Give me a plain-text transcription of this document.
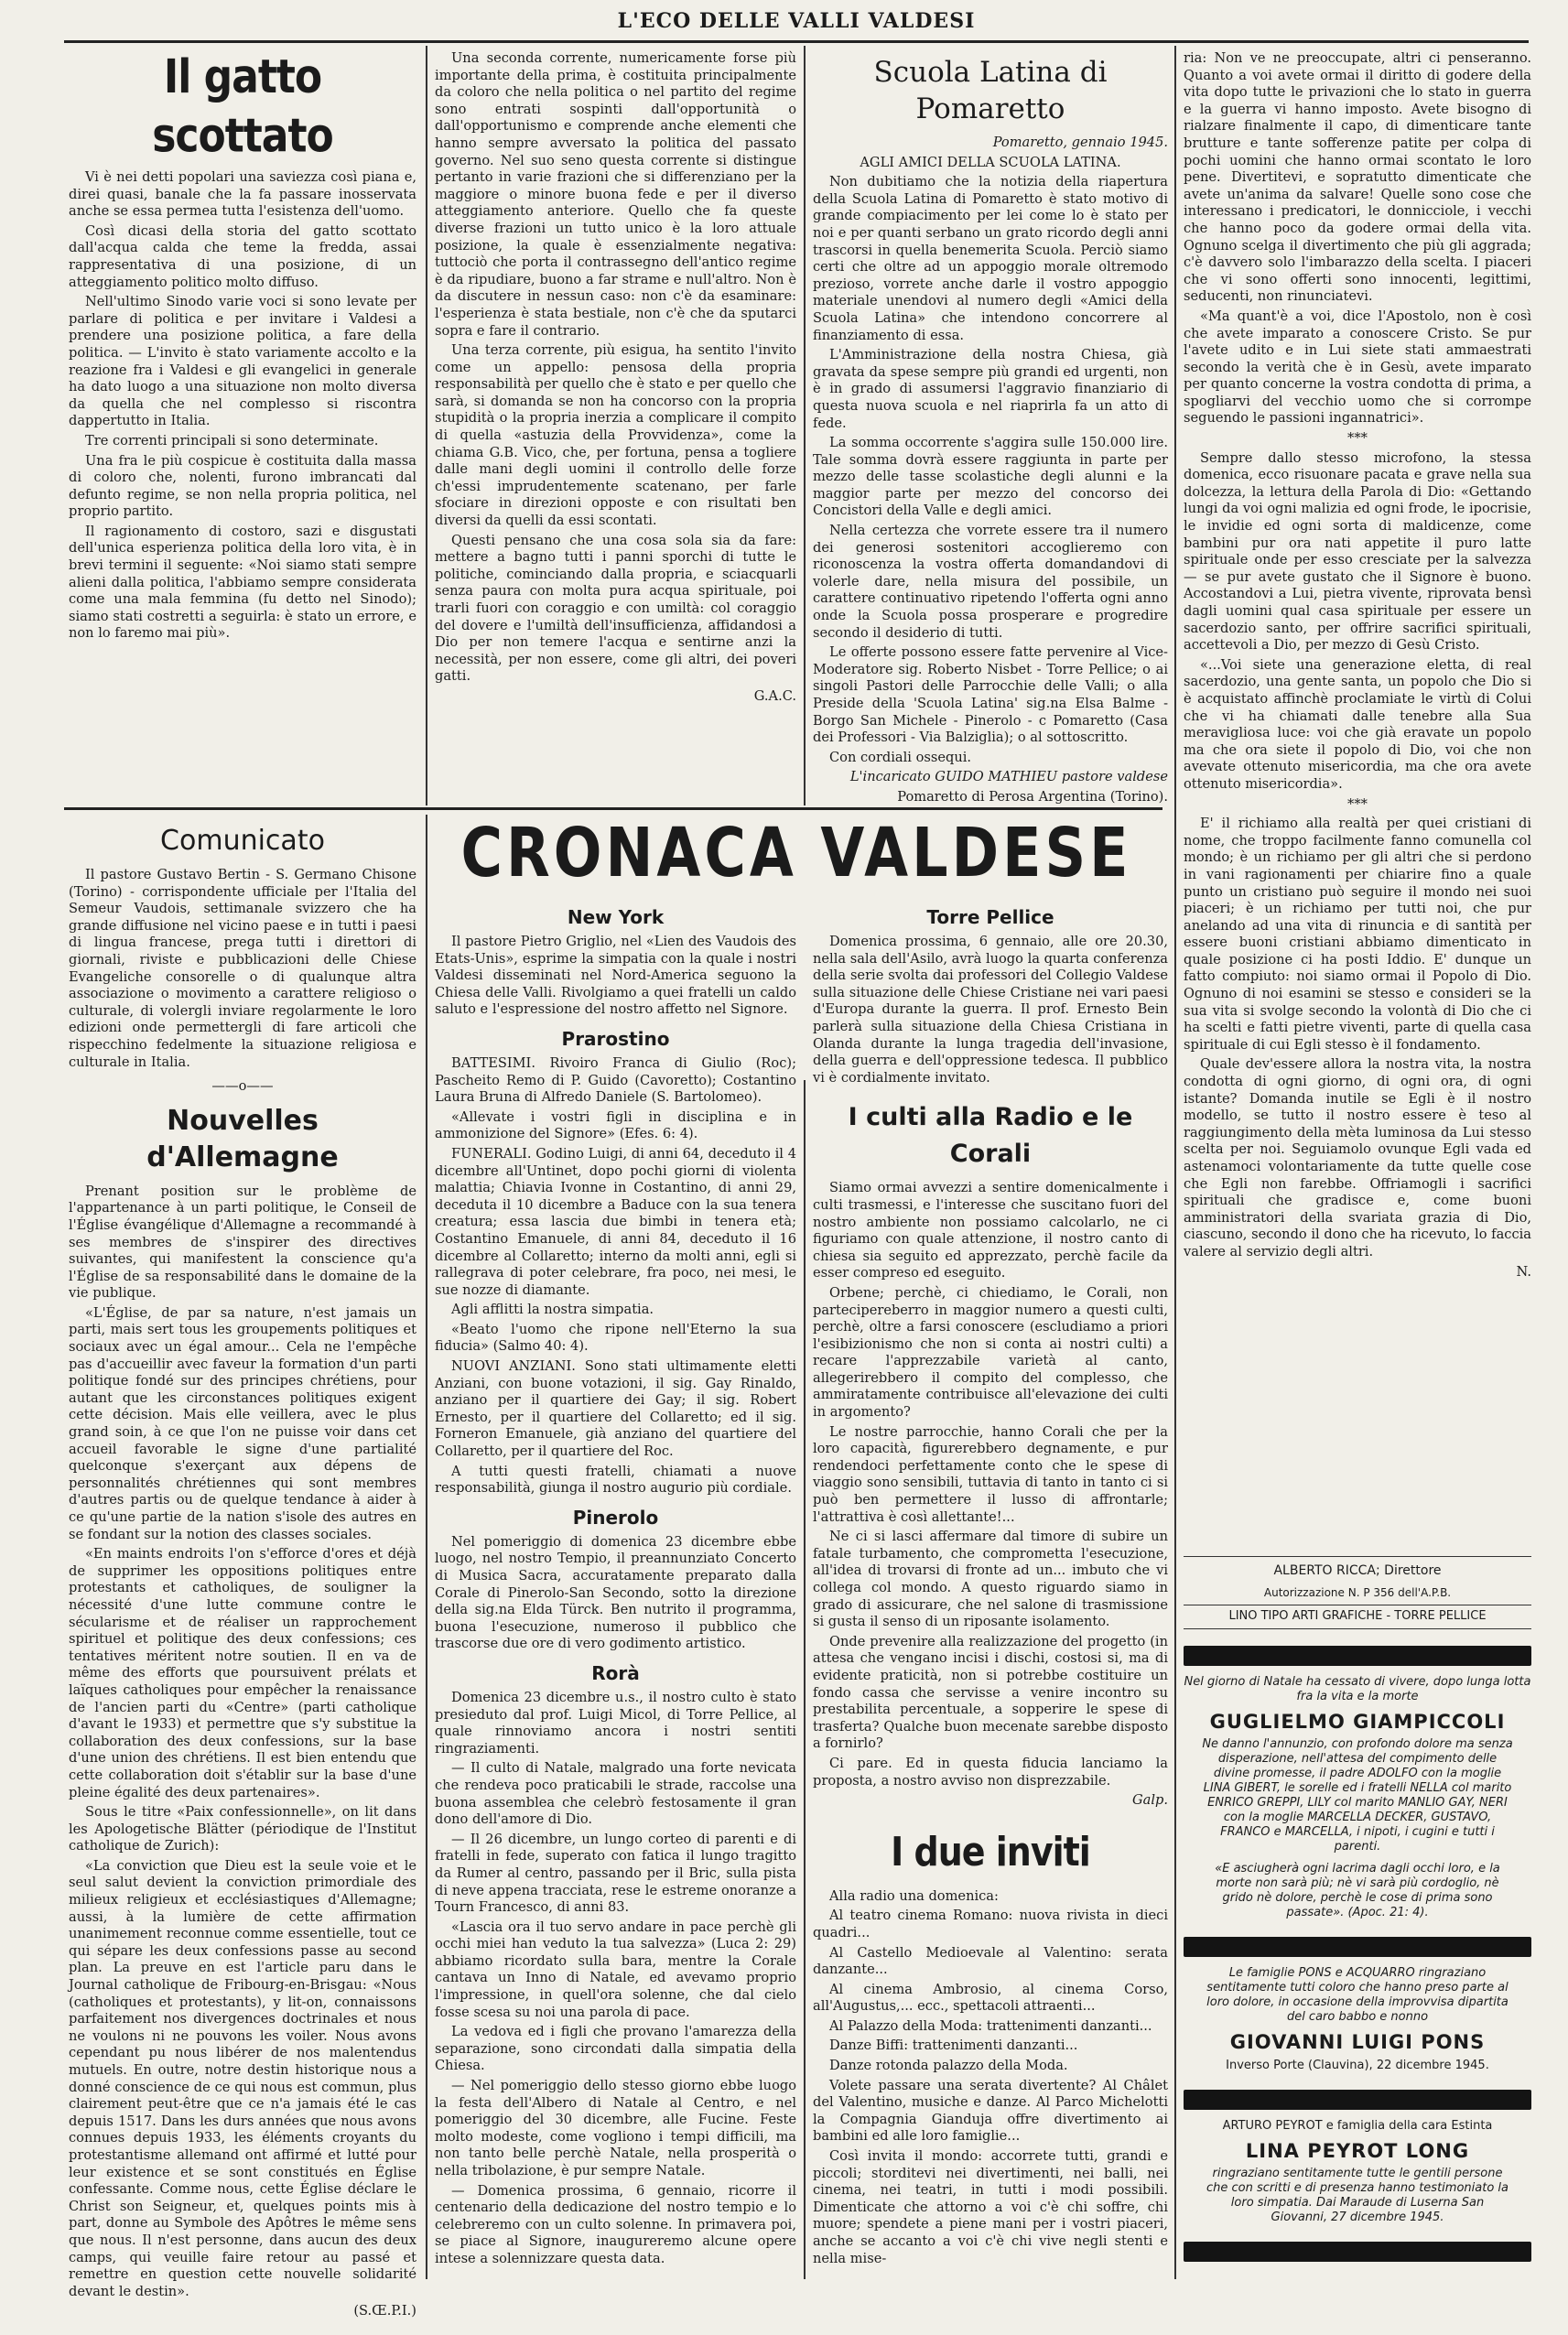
L'ECO DELLE VALLI VALDESI
Il gatto scottato

Vi è nei detti popolari una saviezza così piana e, direi quasi, banale che la fa passare inosservata anche se essa permea tutta l'esistenza dell'uomo.

Così dicasi della storia del gatto scottato dall'acqua calda che teme la fredda, assai rappresentativa di una posizione, di un atteggiamento politico molto diffuso.

Nell'ultimo Sinodo varie voci si sono levate per parlare di politica e per invitare i Valdesi a prendere una posizione politica, a fare della politica. — L'invito è stato variamente accolto e la reazione fra i Valdesi e gli evangelici in generale ha dato luogo a una situazione non molto diversa da quella che nel complesso si riscontra dappertutto in Italia.

Tre correnti principali si sono determinate.

Una fra le più cospicue è costituita dalla massa di coloro che, nolenti, furono imbrancati dal defunto regime, se non nella propria politica, nel proprio partito.

Il ragionamento di costoro, sazi e disgustati dell'unica esperienza politica della loro vita, è in brevi termini il seguente: «Noi siamo stati sempre alieni dalla politica, l'abbiamo sempre considerata come una mala femmina (fu detto nel Sinodo); siamo stati costretti a seguirla: è stato un errore, e non lo faremo mai più».

Una seconda corrente, numericamente forse più importante della prima, è costituita principalmente da coloro che nella politica o nel partito del regime sono entrati sospinti dall'opportunità o dall'opportunismo e comprende anche elementi che hanno sempre avversato la politica del passato governo. Nel suo seno questa corrente si distingue pertanto in varie frazioni che si differenziano per la maggiore o minore buona fede e per il diverso atteggiamento anteriore. Quello che fa queste diverse frazioni un tutto unico è la loro attuale posizione, la quale è essenzialmente negativa: tuttociò che porta il contrassegno dell'antico regime è da ripudiare, buono a far strame e null'altro. Non è da discutere in nessun caso: non c'è da esaminare: l'esperienza è stata bestiale, non c'è che da sputarci sopra e fare il contrario.

Una terza corrente, più esigua, ha sentito l'invito come un appello: pensosa della propria responsabilità per quello che è stato e per quello che sarà, si domanda se non ha concorso con la propria stupidità o la propria inerzia a complicare il compito di quella «astuzia della Provvidenza», come la chiama G.B. Vico, che, per fortuna, pensa a togliere dalle mani degli uomini il controllo delle forze ch'essi imprudentemente scatenano, per farle sfociare in direzioni opposte e con risultati ben diversi da quelli da essi scontati.

Questi pensano che una cosa sola sia da fare: mettere a bagno tutti i panni sporchi di tutte le politiche, cominciando dalla propria, e sciacquarli senza paura con molta pura acqua spirituale, poi trarli fuori con coraggio e con umiltà: col coraggio del dovere e l'umiltà dell'insufficienza, affidandosi a Dio per non temere l'acqua e sentirne anzi la necessità, per non essere, come gli altri, dei poveri gatti.

G.A.C.

Scuola Latina di Pomaretto

Pomaretto, gennaio 1945.

AGLI AMICI DELLA SCUOLA LATINA.

Non dubitiamo che la notizia della riapertura della Scuola Latina di Pomaretto è stato motivo di grande compiacimento per lei come lo è stato per noi e per quanti serbano un grato ricordo degli anni trascorsi in quella benemerita Scuola. Perciò siamo certi che oltre ad un appoggio morale oltremodo prezioso, vorrete anche darle il vostro appoggio materiale unendovi al numero degli «Amici della Scuola Latina» che intendono concorrere al finanziamento di essa.

L'Amministrazione della nostra Chiesa, già gravata da spese sempre più grandi ed urgenti, non è in grado di assumersi l'aggravio finanziario di questa nuova scuola e nel riaprirla fa un atto di fede.

La somma occorrente s'aggira sulle 150.000 lire. Tale somma dovrà essere raggiunta in parte per mezzo delle tasse scolastiche degli alunni e la maggior parte per mezzo del concorso dei Concistori della Valle e degli amici.

Nella certezza che vorrete essere tra il numero dei generosi sostenitori accoglieremo con riconoscenza la vostra offerta domandandovi di volerle dare, nella misura del possibile, un carattere continuativo ripetendo l'offerta ogni anno onde la Scuola possa prosperare e progredire secondo il desiderio di tutti.

Le offerte possono essere fatte pervenire al Vice-Moderatore sig. Roberto Nisbet - Torre Pellice; o ai singoli Pastori delle Parrocchie delle Valli; o alla Preside della 'Scuola Latina' sig.na Elsa Balme - Borgo San Michele - Pinerolo - c Pomaretto (Casa dei Professori - Via Balziglia); o al sottoscritto.

Con cordiali ossequi.

L'incaricato GUIDO MATHIEU pastore valdese

Pomaretto di Perosa Argentina (Torino).

ria: Non ve ne preoccupate, altri ci penseranno. Quanto a voi avete ormai il diritto di godere della vita dopo tutte le privazioni che lo stato in guerra e la guerra vi hanno imposto. Avete bisogno di rialzare finalmente il capo, di dimenticare tante brutture e tante sofferenze patite per colpa di pochi uomini che hanno ormai scontato le loro pene. Divertitevi, e sopratutto dimenticate che avete un'anima da salvare! Quelle sono cose che interessano i predicatori, le donnicciole, i vecchi che hanno poco da godere ormai della vita. Ognuno scelga il divertimento che più gli aggrada; c'è davvero solo l'imbarazzo della scelta. I piaceri che vi sono offerti sono innocenti, legittimi, seducenti, non rinunciatevi.

«Ma quant'è a voi, dice l'Apostolo, non è così che avete imparato a conoscere Cristo. Se pur l'avete udito e in Lui siete stati ammaestrati secondo la verità che è in Gesù, avete imparato per quanto concerne la vostra condotta di prima, a spogliarvi del vecchio uomo che si corrompe seguendo le passioni ingannatrici».

***

Sempre dallo stesso microfono, la stessa domenica, ecco risuonare pacata e grave nella sua dolcezza, la lettura della Parola di Dio: «Gettando lungi da voi ogni malizia ed ogni frode, le ipocrisie, le invidie ed ogni sorta di maldicenze, come bambini pur ora nati appetite il puro latte spirituale onde per esso cresciate per la salvezza — se pur avete gustato che il Signore è buono. Accostandovi a Lui, pietra vivente, riprovata bensì dagli uomini qual casa spirituale per essere un sacerdozio santo, per offrire sacrifici spirituali, accettevoli a Dio, per mezzo di Gesù Cristo.

«...Voi siete una generazione eletta, di real sacerdozio, una gente santa, un popolo che Dio si è acquistato affinchè proclamiate le virtù di Colui che vi ha chiamati dalle tenebre alla Sua meravigliosa luce: voi che già eravate un popolo ma che ora siete il popolo di Dio, voi che non avevate ottenuto misericordia, ma che ora avete ottenuto misericordia».

***

E' il richiamo alla realtà per quei cristiani di nome, che troppo facilmente fanno comunella col mondo; è un richiamo per gli altri che si perdono in vani ragionamenti per chiarire fino a quale punto un cristiano può seguire il mondo nei suoi piaceri; è un richiamo per tutti noi, che pur anelando ad una vita di rinuncia e di santità per essere buoni cristiani abbiamo dimenticato in quale posizione ci ha posti Iddio. E' dunque un fatto compiuto: noi siamo ormai il Popolo di Dio. Ognuno di noi esamini se stesso e consideri se la sua vita si svolge secondo la volontà di Dio che ci ha scelti e fatti pietre viventi, parte di quella casa spirituale di cui Egli stesso è il fondamento.

Quale dev'essere allora la nostra vita, la nostra condotta di ogni giorno, di ogni ora, di ogni istante? Domanda inutile se Egli è il nostro modello, se tutto il nostro essere è teso al raggiungimento della mèta luminosa da Lui stesso scelta per noi. Seguiamolo ovunque Egli vada ed astenamoci volontariamente da tutte quelle cose che Egli non farebbe. Offriamogli i sacrifici spirituali che gradisce e, come buoni amministratori della svariata grazia di Dio, ciascuno, secondo il dono che ha ricevuto, lo faccia valere al servizio degli altri.

N.

ALBERTO RICCA; Direttore
Autorizzazione N. P 356 dell'A.P.B.
LINO TIPO ARTI GRAFICHE - TORRE PELLICE
Nel giorno di Natale ha cessato di vivere, dopo lunga lotta fra la vita e la morte
GUGLIELMO GIAMPICCOLI
Ne danno l'annunzio, con profondo dolore ma senza disperazione, nell'attesa del compimento delle divine promesse, il padre ADOLFO con la moglie LINA GIBERT, le sorelle ed i fratelli NELLA col marito ENRICO GREPPI, LILY col marito MANLIO GAY, NERI con la moglie MARCELLA DECKER, GUSTAVO, FRANCO e MARCELLA, i nipoti, i cugini e tutti i parenti.
«E asciugherà ogni lacrima dagli occhi loro, e la morte non sarà più; nè vi sarà più cordoglio, nè grido nè dolore, perchè le cose di prima sono passate». (Apoc. 21: 4).
Le famiglie PONS e ACQUARRO ringraziano sentitamente tutti coloro che hanno preso parte al loro dolore, in occasione della improvvisa dipartita del caro babbo e nonno
GIOVANNI LUIGI PONS
Inverso Porte (Clauvina), 22 dicembre 1945.
ARTURO PEYROT e famiglia della cara Estinta
LINA PEYROT LONG
ringraziano sentitamente tutte le gentili persone che con scritti e di presenza hanno testimoniato la loro simpatia. Dai Maraude di Luserna San Giovanni, 27 dicembre 1945.
Comunicato

Il pastore Gustavo Bertin - S. Germano Chisone (Torino) - corrispondente ufficiale per l'Italia del Semeur Vaudois, settimanale svizzero che ha grande diffusione nel vicino paese e in tutti i paesi di lingua francese, prega tutti i direttori di giornali, riviste e pubblicazioni delle Chiese Evangeliche consorelle o di qualunque altra associazione o movimento a carattere religioso o culturale, di volergli inviare regolarmente le loro edizioni onde permettergli di fare articoli che rispecchino fedelmente la situazione religiosa e culturale in Italia.

——o——
Nouvelles d'Allemagne

Prenant position sur le problème de l'appartenance à un parti politique, le Conseil de l'Église évangélique d'Allemagne a recommandé à ses membres de s'inspirer des directives suivantes, qui manifestent la conscience qu'a l'Église de sa responsabilité dans le domaine de la vie publique.

«L'Église, de par sa nature, n'est jamais un parti, mais sert tous les groupements politiques et sociaux avec un égal amour... Cela ne l'empêche pas d'accueillir avec faveur la formation d'un parti politique fondé sur des principes chrétiens, pour autant que les circonstances politiques exigent cette décision. Mais elle veillera, avec le plus grand soin, à ce que l'on ne puisse voir dans cet accueil favorable le signe d'une partialité quelconque s'exerçant aux dépens de personnalités chrétiennes qui sont membres d'autres partis ou de quelque tendance à aider à ce qu'une partie de la nation s'isole des autres en se fondant sur la notion des classes sociales.

«En maints endroits l'on s'efforce d'ores et déjà de supprimer les oppositions politiques entre protestants et catholiques, de souligner la nécessité d'une lutte commune contre le sécularisme et de réaliser un rapprochement spirituel et politique des deux confessions; ces tentatives méritent notre soutien. Il en va de même des efforts que poursuivent prélats et laïques catholiques pour empêcher la renaissance de l'ancien parti du «Centre» (parti catholique d'avant le 1933) et permettre que s'y substitue la collaboration des deux confessions, sur la base d'une union des chrétiens. Il est bien entendu que cette collaboration doit s'établir sur la base d'une pleine égalité des deux partenaires».

Sous le titre «Paix confessionnelle», on lit dans les Apologetische Blätter (périodique de l'Institut catholique de Zurich):

«La conviction que Dieu est la seule voie et le seul salut devient la conviction primordiale des milieux religieux et ecclésiastiques d'Allemagne; aussi, à la lumière de cette affirmation unanimement reconnue comme essentielle, tout ce qui sépare les deux confessions passe au second plan. La preuve en est l'article paru dans le Journal catholique de Fribourg-en-Brisgau: «Nous (catholiques et protestants), y lit-on, connaissons parfaitement nos divergences doctrinales et nous ne voulons ni ne pouvons les voiler. Nous avons cependant pu nous libérer de nos malentendus mutuels. En outre, notre destin historique nous a donné conscience de ce qui nous est commun, plus clairement peut-être que ce n'a jamais été le cas depuis 1517. Dans les durs années que nous avons connues depuis 1933, les éléments croyants du protestantisme allemand ont affirmé et lutté pour leur existence et se sont constitués en Église confessante. Comme nous, cette Église déclare le Christ son Seigneur, et, quelques points mis à part, donne au Symbole des Apôtres le même sens que nous. Il n'est personne, dans aucun des deux camps, qui veuille faire retour au passé et remettre en question cette nouvelle solidarité devant le destin».

(S.Œ.P.I.)

CRONACA VALDESE
New York

Il pastore Pietro Griglio, nel «Lien des Vaudois des Etats-Unis», esprime la simpatia con la quale i nostri Valdesi disseminati nel Nord-America seguono la Chiesa delle Valli. Rivolgiamo a quei fratelli un caldo saluto e l'espressione del nostro affetto nel Signore.

Prarostino

BATTESIMI. Rivoiro Franca di Giulio (Roc); Pascheito Remo di P. Guido (Cavoretto); Costantino Laura Bruna di Alfredo Daniele (S. Bartolomeo).

«Allevate i vostri figli in disciplina e in ammonizione del Signore» (Efes. 6: 4).

FUNERALI. Godino Luigi, di anni 64, deceduto il 4 dicembre all'Untinet, dopo pochi giorni di violenta malattia; Chiavia Ivonne in Costantino, di anni 29, deceduta il 10 dicembre a Baduce con la sua tenera creatura; essa lascia due bimbi in tenera età; Costantino Emanuele, di anni 84, deceduto il 16 dicembre al Collaretto; interno da molti anni, egli si rallegrava di poter celebrare, fra poco, nei mesi, le sue nozze di diamante.

Agli afflitti la nostra simpatia.

«Beato l'uomo che ripone nell'Eterno la sua fiducia» (Salmo 40: 4).

NUOVI ANZIANI. Sono stati ultimamente eletti Anziani, con buone votazioni, il sig. Gay Rinaldo, anziano per il quartiere dei Gay; il sig. Robert Ernesto, per il quartiere del Collaretto; ed il sig. Forneron Emanuele, già anziano del quartiere del Collaretto, per il quartiere del Roc.

A tutti questi fratelli, chiamati a nuove responsabilità, giunga il nostro augurio più cordiale.

Pinerolo

Nel pomeriggio di domenica 23 dicembre ebbe luogo, nel nostro Tempio, il preannunziato Concerto di Musica Sacra, accuratamente preparato dalla Corale di Pinerolo-San Secondo, sotto la direzione della sig.na Elda Türck. Ben nutrito il programma, buona l'esecuzione, numeroso il pubblico che trascorse due ore di vero godimento artistico.

Rorà

Domenica 23 dicembre u.s., il nostro culto è stato presieduto dal prof. Luigi Micol, di Torre Pellice, al quale rinnoviamo ancora i nostri sentiti ringraziamenti.

— Il culto di Natale, malgrado una forte nevicata che rendeva poco praticabili le strade, raccolse una buona assemblea che celebrò festosamente il gran dono dell'amore di Dio.

— Il 26 dicembre, un lungo corteo di parenti e di fratelli in fede, superato con fatica il lungo tragitto da Rumer al centro, passando per il Bric, sulla pista di neve appena tracciata, rese le estreme onoranze a Tourn Francesco, di anni 83.

«Lascia ora il tuo servo andare in pace perchè gli occhi miei han veduto la tua salvezza» (Luca 2: 29) abbiamo ricordato sulla bara, mentre la Corale cantava un Inno di Natale, ed avevamo proprio l'impressione, in quell'ora solenne, che dal cielo fosse scesa su noi una parola di pace.

La vedova ed i figli che provano l'amarezza della separazione, sono circondati dalla simpatia della Chiesa.

— Nel pomeriggio dello stesso giorno ebbe luogo la festa dell'Albero di Natale al Centro, e nel pomeriggio del 30 dicembre, alle Fucine. Feste molto modeste, come vogliono i tempi difficili, ma non tanto belle perchè Natale, nella prosperità o nella tribolazione, è pur sempre Natale.

— Domenica prossima, 6 gennaio, ricorre il centenario della dedicazione del nostro tempio e lo celebreremo con un culto solenne. In primavera poi, se piace al Signore, inaugureremo alcune opere intese a solennizzare questa data.

Torre Pellice

Domenica prossima, 6 gennaio, alle ore 20.30, nella sala dell'Asilo, avrà luogo la quarta conferenza della serie svolta dai professori del Collegio Valdese sulla situazione delle Chiese Cristiane nei vari paesi d'Europa durante la guerra. Il prof. Ernesto Bein parlerà sulla situazione della Chiesa Cristiana in Olanda durante la lunga tragedia dell'invasione, della guerra e dell'oppressione tedesca. Il pubblico vi è cordialmente invitato.

I culti alla Radio e le Corali

Siamo ormai avvezzi a sentire domenicalmente i culti trasmessi, e l'interesse che suscitano fuori del nostro ambiente non possiamo calcolarlo, ne ci figuriamo con quale attenzione, il nostro canto di chiesa sia seguito ed apprezzato, perchè facile da esser compreso ed eseguito.

Orbene; perchè, ci chiediamo, le Corali, non partecipereberro in maggior numero a questi culti, perchè, oltre a farsi conoscere (escludiamo a priori l'esibizionismo che non si conta ai nostri culti) a recare l'apprezzabile varietà al canto, allegerirebbero il compito del complesso, che ammiratamente contribuisce all'elevazione dei culti in argomento?

Le nostre parrocchie, hanno Corali che per la loro capacità, figurerebbero degnamente, e pur rendendoci perfettamente conto che le spese di viaggio sono sensibili, tuttavia di tanto in tanto ci si può ben permettere il lusso di affrontarle; l'attrattiva è così allettante!...

Ne ci si lasci affermare dal timore di subire un fatale turbamento, che comprometta l'esecuzione, all'idea di trovarsi di fronte ad un... imbuto che vi collega col mondo. A questo riguardo siamo in grado di assicurare, che nel salone di trasmissione si gusta il senso di un riposante isolamento.

Onde prevenire alla realizzazione del progetto (in attesa che vengano incisi i dischi, costosi si, ma di evidente praticità, non si potrebbe costituire un fondo cassa che servisse a venire incontro su prestabilita percentuale, a sopperire le spese di trasferta? Qualche buon mecenate sarebbe disposto a fornirlo?

Ci pare. Ed in questa fiducia lanciamo la proposta, a nostro avviso non disprezzabile.

Galp.

I due inviti

Alla radio una domenica:

Al teatro cinema Romano: nuova rivista in dieci quadri...

Al Castello Medioevale al Valentino: serata danzante...

Al cinema Ambrosio, al cinema Corso, all'Augustus,... ecc., spettacoli attraenti...

Al Palazzo della Moda: trattenimenti danzanti...

Danze Biffi: trattenimenti danzanti...

Danze rotonda palazzo della Moda.

Volete passare una serata divertente? Al Châlet del Valentino, musiche e danze. Al Parco Michelotti la Compagnia Gianduja offre divertimento ai bambini ed alle loro famiglie...

Così invita il mondo: accorrete tutti, grandi e piccoli; storditevi nei divertimenti, nei balli, nei cinema, nei teatri, in tutti i modi possibili. Dimenticate che attorno a voi c'è chi soffre, chi muore; spendete a piene mani per i vostri piaceri, anche se accanto a voi c'è chi vive negli stenti e nella mise-
